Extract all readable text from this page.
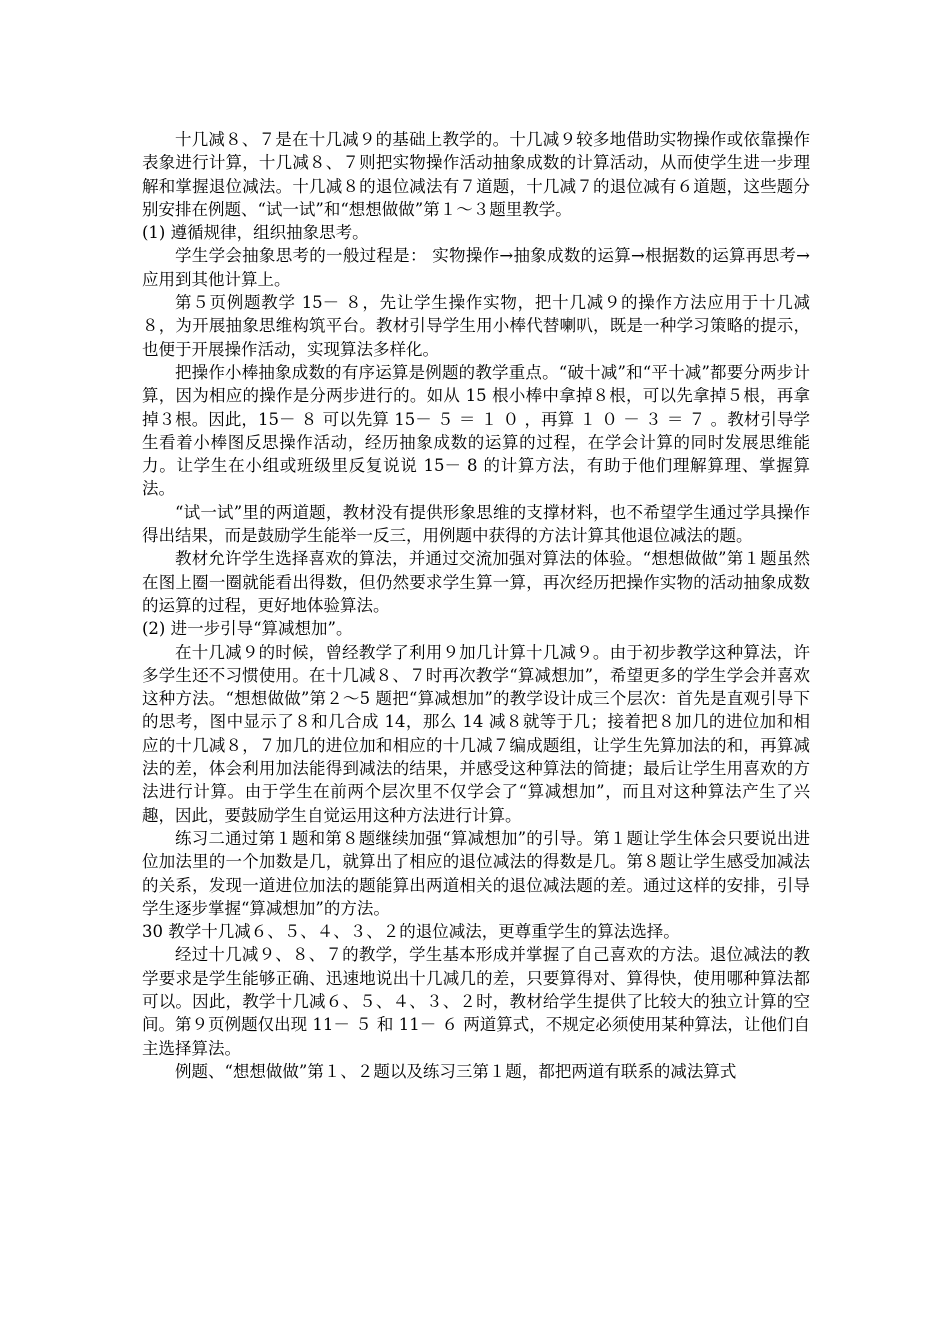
十几减８、７是在十几减９的基础上教学的。十几减９较多地借助实物操作或依靠操作表象进行计算，十几减８、７则把实物操作活动抽象成数的计算活动，从而使学生进一步理解和掌握退位减法。十几减８的退位减法有７道题，十几减７的退位减有６道题，这些题分别安排在例题、“试一试”和“想想做做”第１～３题里教学。

(1) 遵循规律，组织抽象思考。

学生学会抽象思考的一般过程是： 实物操作→抽象成数的运算→根据数的运算再思考→应用到其他计算上。

第５页例题教学 15－ ８，先让学生操作实物，把十几减９的操作方法应用于十几减８，为开展抽象思维构筑平台。教材引导学生用小棒代替喇叭，既是一种学习策略的提示，也便于开展操作活动，实现算法多样化。

把操作小棒抽象成数的有序运算是例题的教学重点。“破十减”和“平十减”都要分两步计算，因为相应的操作是分两步进行的。如从 15 根小棒中拿掉８根，可以先拿掉５根，再拿掉３根。因此，15－ ８ 可以先算 15－ ５ ＝ １ ０ ，再算 １ ０ － ３ ＝ ７ 。教材引导学生看着小棒图反思操作活动，经历抽象成数的运算的过程，在学会计算的同时发展思维能力。让学生在小组或班级里反复说说 15－ 8 的计算方法，有助于他们理解算理、掌握算法。

“试一试”里的两道题，教材没有提供形象思维的支撑材料，也不希望学生通过学具操作得出结果，而是鼓励学生能举一反三，用例题中获得的方法计算其他退位减法的题。

教材允许学生选择喜欢的算法，并通过交流加强对算法的体验。“想想做做”第１题虽然在图上圈一圈就能看出得数，但仍然要求学生算一算，再次经历把操作实物的活动抽象成数的运算的过程，更好地体验算法。

(2) 进一步引导“算减想加”。

在十几减９的时候，曾经教学了利用９加几计算十几减９。由于初步教学这种算法，许多学生还不习惯使用。在十几减８、７时再次教学“算减想加”，希望更多的学生学会并喜欢这种方法。“想想做做”第２～5 题把“算减想加”的教学设计成三个层次：首先是直观引导下的思考，图中显示了８和几合成 14，那么 14 减８就等于几；接着把８加几的进位加和相应的十几减８，７加几的进位加和相应的十几减７编成题组，让学生先算加法的和，再算减法的差，体会利用加法能得到减法的结果，并感受这种算法的简捷；最后让学生用喜欢的方法进行计算。由于学生在前两个层次里不仅学会了“算减想加”，而且对这种算法产生了兴趣，因此，要鼓励学生自觉运用这种方法进行计算。

练习二通过第１题和第８题继续加强“算减想加”的引导。第１题让学生体会只要说出进位加法里的一个加数是几，就算出了相应的退位减法的得数是几。第８题让学生感受加减法的关系，发现一道进位加法的题能算出两道相关的退位减法题的差。通过这样的安排，引导学生逐步掌握“算减想加”的方法。

30 教学十几减６、５、４、３、２的退位减法，更尊重学生的算法选择。

经过十几减９、８、７的教学，学生基本形成并掌握了自己喜欢的方法。退位减法的教学要求是学生能够正确、迅速地说出十几减几的差，只要算得对、算得快，使用哪种算法都可以。因此，教学十几减６、５、４、３、２时，教材给学生提供了比较大的独立计算的空间。第９页例题仅出现 11－ ５ 和 11－ ６ 两道算式，不规定必须使用某种算法，让他们自主选择算法。

例题、“想想做做”第１、２题以及练习三第１题，都把两道有联系的减法算式
